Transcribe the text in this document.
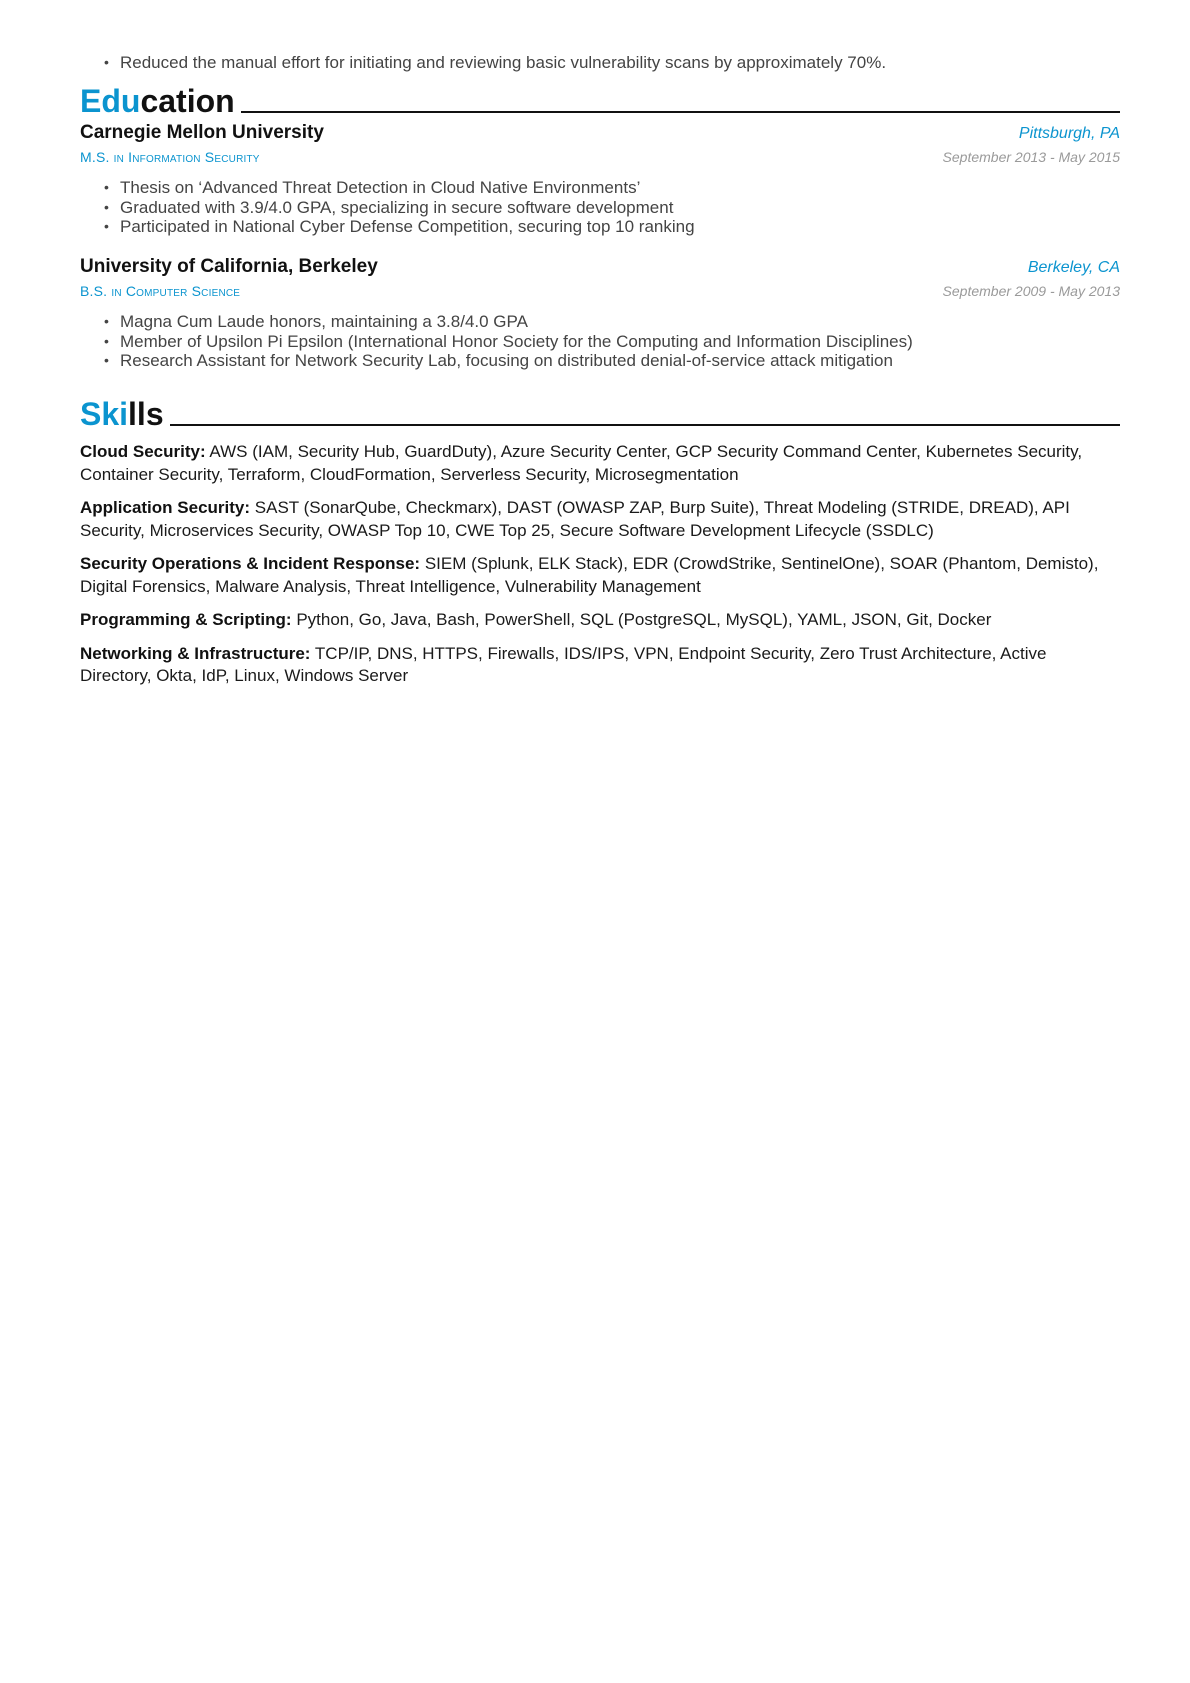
• Reduced the manual effort for initiating and reviewing basic vulnerability scans by approximately 70%.
Education
Carnegie Mellon University	Pittsburgh, PA
M.S. in Information Security	September 2013 - May 2015
• Thesis on ‘Advanced Threat Detection in Cloud Native Environments’
• Graduated with 3.9/4.0 GPA, specializing in secure software development
• Participated in National Cyber Defense Competition, securing top 10 ranking
University of California, Berkeley	Berkeley, CA
B.S. in Computer Science	September 2009 - May 2013
• Magna Cum Laude honors, maintaining a 3.8/4.0 GPA
• Member of Upsilon Pi Epsilon (International Honor Society for the Computing and Information Disciplines)
• Research Assistant for Network Security Lab, focusing on distributed denial-of-service attack mitigation
Skills

Cloud Security: AWS (IAM, Security Hub, GuardDuty), Azure Security Center, GCP Security Command Center, Kubernetes Security, Container Security, Terraform, CloudFormation, Serverless Security, Microsegmentation

Application Security: SAST (SonarQube, Checkmarx), DAST (OWASP ZAP, Burp Suite), Threat Modeling (STRIDE, DREAD), API Security, Microservices Security, OWASP Top 10, CWE Top 25, Secure Software Development Lifecycle (SSDLC)

Security Operations & Incident Response: SIEM (Splunk, ELK Stack), EDR (CrowdStrike, SentinelOne), SOAR (Phantom, Demisto), Digital Forensics, Malware Analysis, Threat Intelligence, Vulnerability Management

Programming & Scripting: Python, Go, Java, Bash, PowerShell, SQL (PostgreSQL, MySQL), YAML, JSON, Git, Docker

Networking & Infrastructure: TCP/IP, DNS, HTTPS, Firewalls, IDS/IPS, VPN, Endpoint Security, Zero Trust Architecture, Active Directory, Okta, IdP, Linux, Windows Server
